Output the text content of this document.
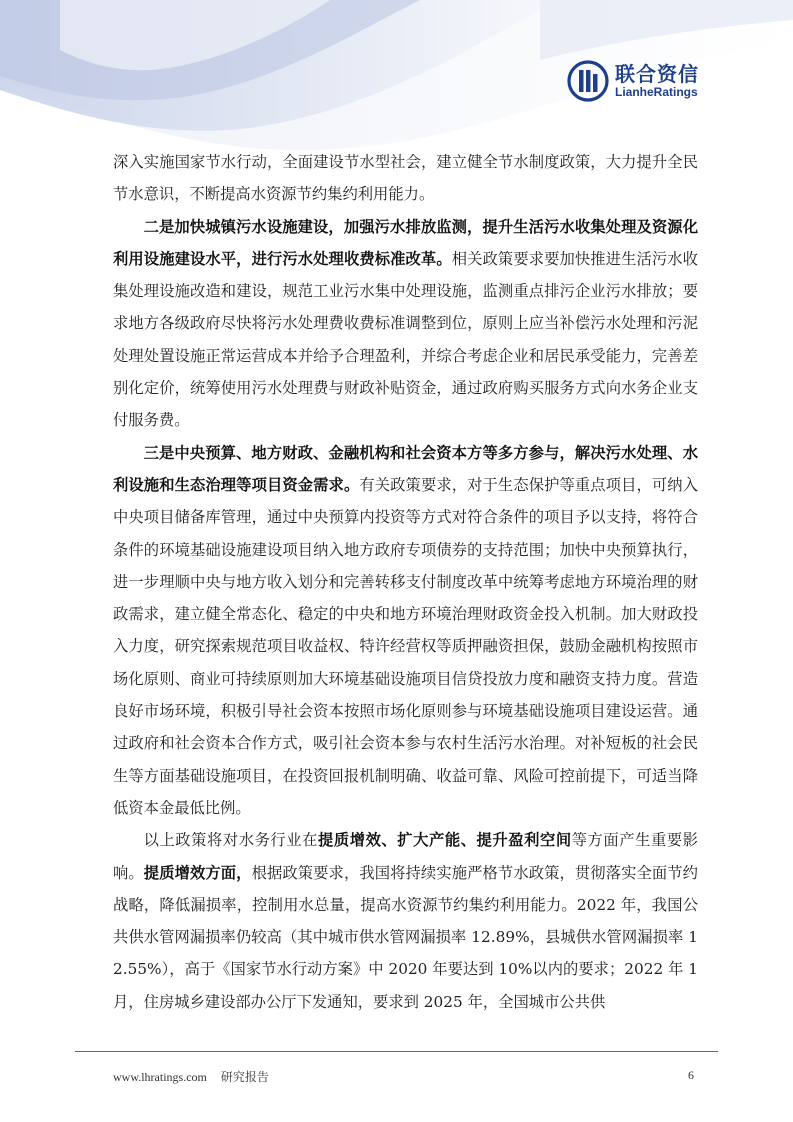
联合资信
LianheRatings

深入实施国家节水行动，全面建设节水型社会，建立健全节水制度政策，大力提升全民节水意识，不断提高水资源节约集约利用能力。

二是加快城镇污水设施建设，加强污水排放监测，提升生活污水收集处理及资源化利用设施建设水平，进行污水处理收费标准改革。相关政策要求要加快推进生活污水收集处理设施改造和建设，规范工业污水集中处理设施，监测重点排污企业污水排放；要求地方各级政府尽快将污水处理费收费标准调整到位，原则上应当补偿污水处理和污泥处理处置设施正常运营成本并给予合理盈利，并综合考虑企业和居民承受能力，完善差别化定价，统筹使用污水处理费与财政补贴资金，通过政府购买服务方式向水务企业支付服务费。

三是中央预算、地方财政、金融机构和社会资本方等多方参与，解决污水处理、水利设施和生态治理等项目资金需求。有关政策要求，对于生态保护等重点项目，可纳入中央项目储备库管理，通过中央预算内投资等方式对符合条件的项目予以支持，将符合条件的环境基础设施建设项目纳入地方政府专项债券的支持范围；加快中央预算执行，进一步理顺中央与地方收入划分和完善转移支付制度改革中统筹考虑地方环境治理的财政需求，建立健全常态化、稳定的中央和地方环境治理财政资金投入机制。加大财政投入力度，研究探索规范项目收益权、特许经营权等质押融资担保，鼓励金融机构按照市场化原则、商业可持续原则加大环境基础设施项目信贷投放力度和融资支持力度。营造良好市场环境，积极引导社会资本按照市场化原则参与环境基础设施项目建设运营。通过政府和社会资本合作方式，吸引社会资本参与农村生活污水治理。对补短板的社会民生等方面基础设施项目，在投资回报机制明确、收益可靠、风险可控前提下，可适当降低资本金最低比例。

以上政策将对水务行业在提质增效、扩大产能、提升盈利空间等方面产生重要影响。提质增效方面，根据政策要求，我国将持续实施严格节水政策，贯彻落实全面节约战略，降低漏损率，控制用水总量，提高水资源节约集约利用能力。2022 年，我国公共供水管网漏损率仍较高（其中城市供水管网漏损率 12.89%，县城供水管网漏损率 12.55%），高于《国家节水行动方案》中 2020 年要达到 10%以内的要求；2022 年 1 月，住房城乡建设部办公厅下发通知，要求到 2025 年，全国城市公共供

www.lhratings.com 研究报告	6
